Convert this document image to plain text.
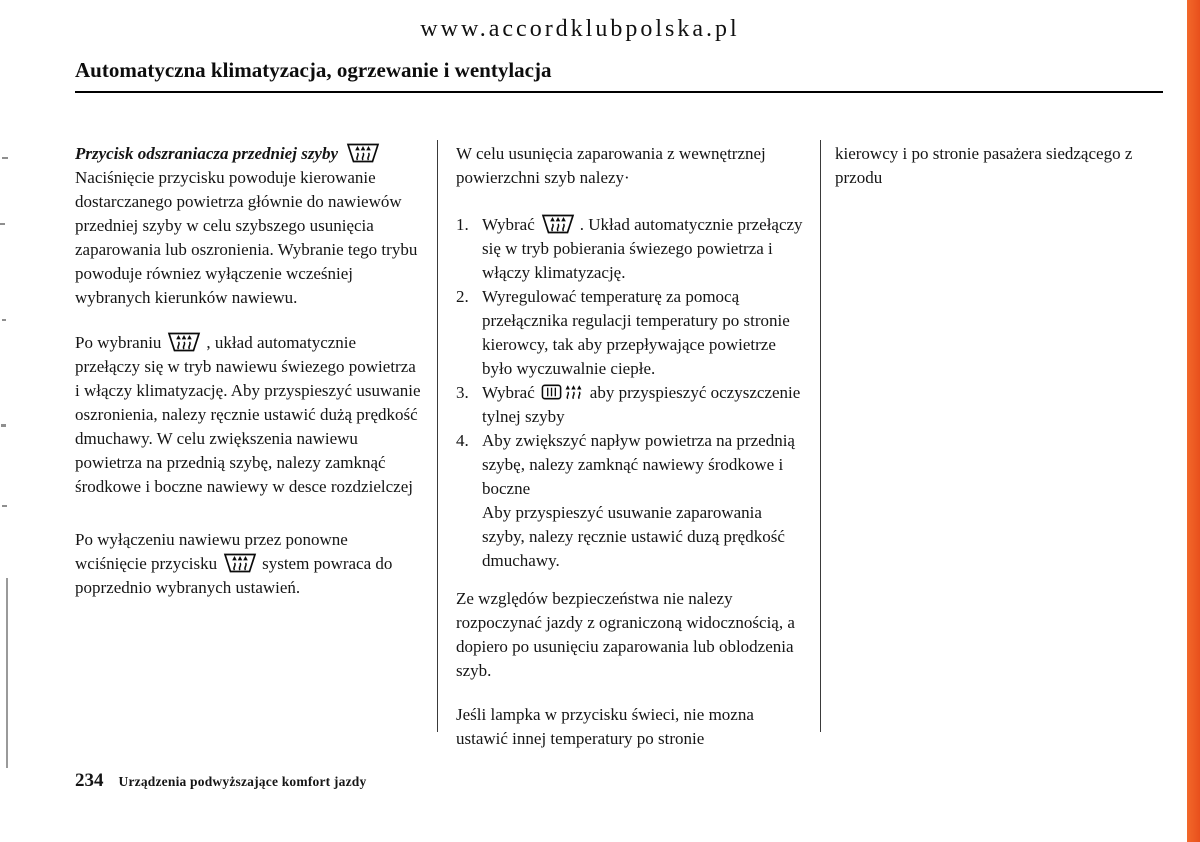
www.accordklubpolska.pl
Automatyczna klimatyzacja, ogrzewanie i wentylacja
Przycisk odszraniacza przedniej szyby

Naciśnięcie przycisku powoduje kierowanie dostarczanego powietrza głównie do nawiewów przedniej szyby w celu szybszego usunięcia zaparowania lub oszronienia. Wybranie tego trybu powoduje równiez wyłączenie wcześniej wybranych kierunków nawiewu.

Po wybraniu	, układ automatycznie przełączy się w tryb nawiewu świezego powietrza i włączy klimatyzację. Aby przyspieszyć usuwanie oszronienia, nalezy ręcznie ustawić dużą prędkość dmuchawy. W celu zwiększenia nawiewu powietrza na przednią szybę, nalezy zamknąć środkowe i boczne nawiewy w desce rozdzielczej

Po wyłączeniu nawiewu przez ponowne wciśnięcie przycisku	system powraca do poprzednio wybranych ustawień.

W celu usunięcia zaparowania z wewnętrznej powierzchni szyb nalezy·

1. Wybrać	. Układ automatycznie przełączy się w tryb pobierania świezego powietrza i włączy klimatyzację.
2. Wyregulować temperaturę za pomocą przełącznika regulacji temperatury po stronie kierowcy, tak aby przepływające powietrze było wyczuwalnie ciepłe.
3. Wybrać	aby przyspieszyć oczyszczenie tylnej szyby
4. Aby zwiększyć napływ powietrza na przednią szybę, nalezy zamknąć nawiewy środkowe i boczne
Aby przyspieszyć usuwanie zaparowania szyby, nalezy ręcznie ustawić duzą prędkość dmuchawy.

Ze względów bezpieczeństwa nie nalezy rozpoczynać jazdy z ograniczoną widocznością, a dopiero po usunięciu zaparowania lub oblodzenia szyb.

Jeśli lampka w przycisku świeci, nie mozna ustawić innej temperatury po stronie

kierowcy i po stronie pasażera siedzącego z przodu

234 Urządzenia podwyższające komfort jazdy
